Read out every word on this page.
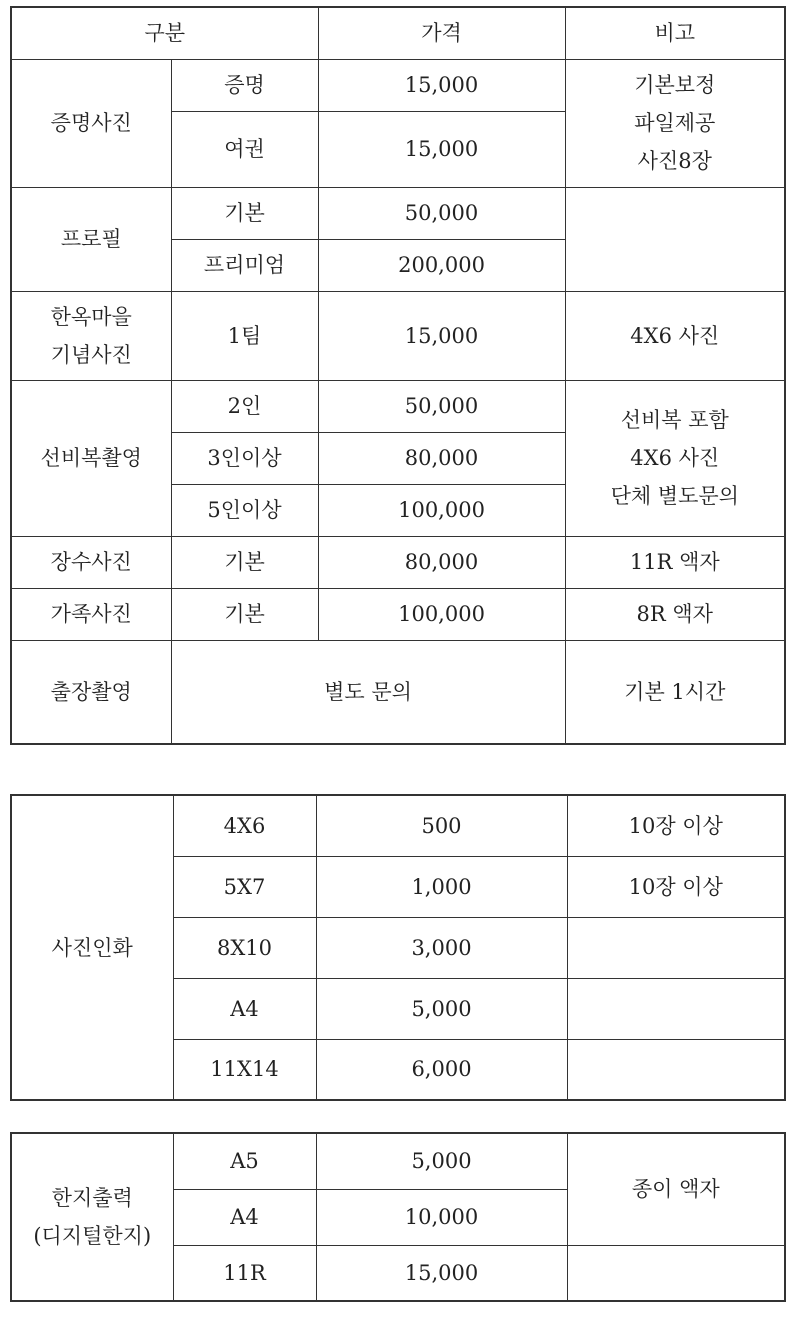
구분		가격	비고
증명사진	증명	15,000	기본보정
파일제공
사진8장
	여권	15,000	
프로필	기본	50,000	
	프리미엄	200,000	
한옥마을
기념사진	1팀	15,000	4X6 사진
선비복촬영	2인	50,000	선비복 포함
4X6 사진
단체 별도문의
	3인이상	80,000	
	5인이상	100,000	
장수사진	기본	80,000	11R 액자
가족사진	기본	100,000	8R 액자
출장촬영	별도 문의		기본 1시간
사진인화	4X6	500	10장 이상
	5X7	1,000	10장 이상
	8X10	3,000	
	A4	5,000	
	11X14	6,000	
한지출력
(디지털한지)	A5	5,000	종이 액자
	A4	10,000	
	11R	15,000	
